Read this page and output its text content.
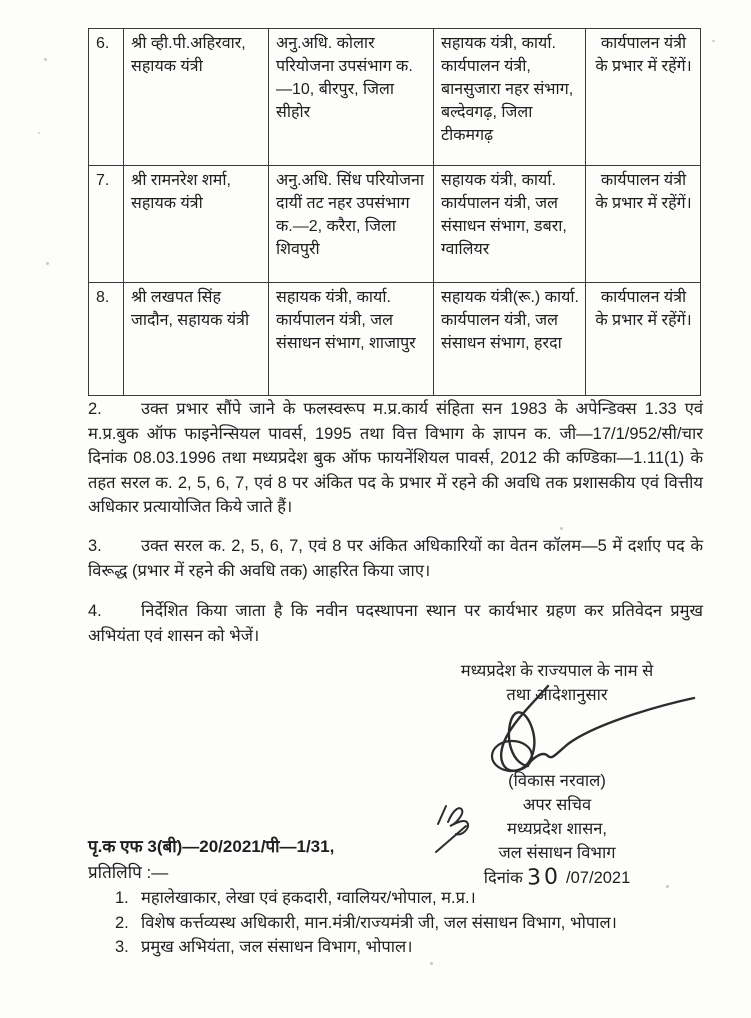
6.	श्री व्ही.पी.अहिरवार, सहायक यंत्री	अनु.अधि. कोलार परियोजना उपसंभाग क.—10, बीरपुर, जिला सीहोर	सहायक यंत्री, कार्या. कार्यपालन यंत्री, बानसुजारा नहर संभाग, बल्देवगढ़, जिला टीकमगढ़	कार्यपालन यंत्री के प्रभार में रहेंगें।
7.	श्री रामनरेश शर्मा, सहायक यंत्री	अनु.अधि. सिंध परियोजना दायीं तट नहर उपसंभाग क.—2, करैरा, जिला शिवपुरी	सहायक यंत्री, कार्या. कार्यपालन यंत्री, जल संसाधन संभाग, डबरा, ग्वालियर	कार्यपालन यंत्री के प्रभार में रहेंगें।
8.	श्री लखपत सिंह जादौन, सहायक यंत्री	सहायक यंत्री, कार्या. कार्यपालन यंत्री, जल संसाधन संभाग, शाजापुर	सहायक यंत्री(रू.) कार्या. कार्यपालन यंत्री, जल संसाधन संभाग, हरदा	कार्यपालन यंत्री के प्रभार में रहेंगें।
2. उक्त प्रभार सौंपे जाने के फलस्वरूप म.प्र.कार्य संहिता सन 1983 के अपेन्डिक्स 1.33 एवं म.प्र.बुक ऑफ फाइनेन्सियल पावर्स, 1995 तथा वित्त विभाग के ज्ञापन क. जी—17/1/952/सी/चार दिनांक 08.03.1996 तथा मध्यप्रदेश बुक ऑफ फायनेंशियल पावर्स, 2012 की कण्डिका—1.11(1) के तहत सरल क. 2, 5, 6, 7, एवं 8 पर अंकित पद के प्रभार में रहने की अवधि तक प्रशासकीय एवं वित्तीय अधिकार प्रत्यायोजित किये जाते हैं।
3. उक्त सरल क. 2, 5, 6, 7, एवं 8 पर अंकित अधिकारियों का वेतन कॉलम—5 में दर्शाए पद के विरूद्ध (प्रभार में रहने की अवधि तक) आहरित किया जाए।
4. निर्देशित किया जाता है कि नवीन पदस्थापना स्थान पर कार्यभार ग्रहण कर प्रतिवेदन प्रमुख अभियंता एवं शासन को भेजें।
मध्यप्रदेश के राज्यपाल के नाम से
तथा आदेशानुसार
(विकास नरवाल)
अपर सचिव
मध्यप्रदेश शासन,
जल संसाधन विभाग
दिनांक 30 /07/2021
पृ.क एफ 3(बी)—20/2021/पी—1/31,
प्रतिलिपि :—
1. महालेखाकार, लेखा एवं हकदारी, ग्वालियर/भोपाल, म.प्र.।
2. विशेष कर्त्तव्यस्थ अधिकारी, मान.मंत्री/राज्यमंत्री जी, जल संसाधन विभाग, भोपाल।
3. प्रमुख अभियंता, जल संसाधन विभाग, भोपाल।
